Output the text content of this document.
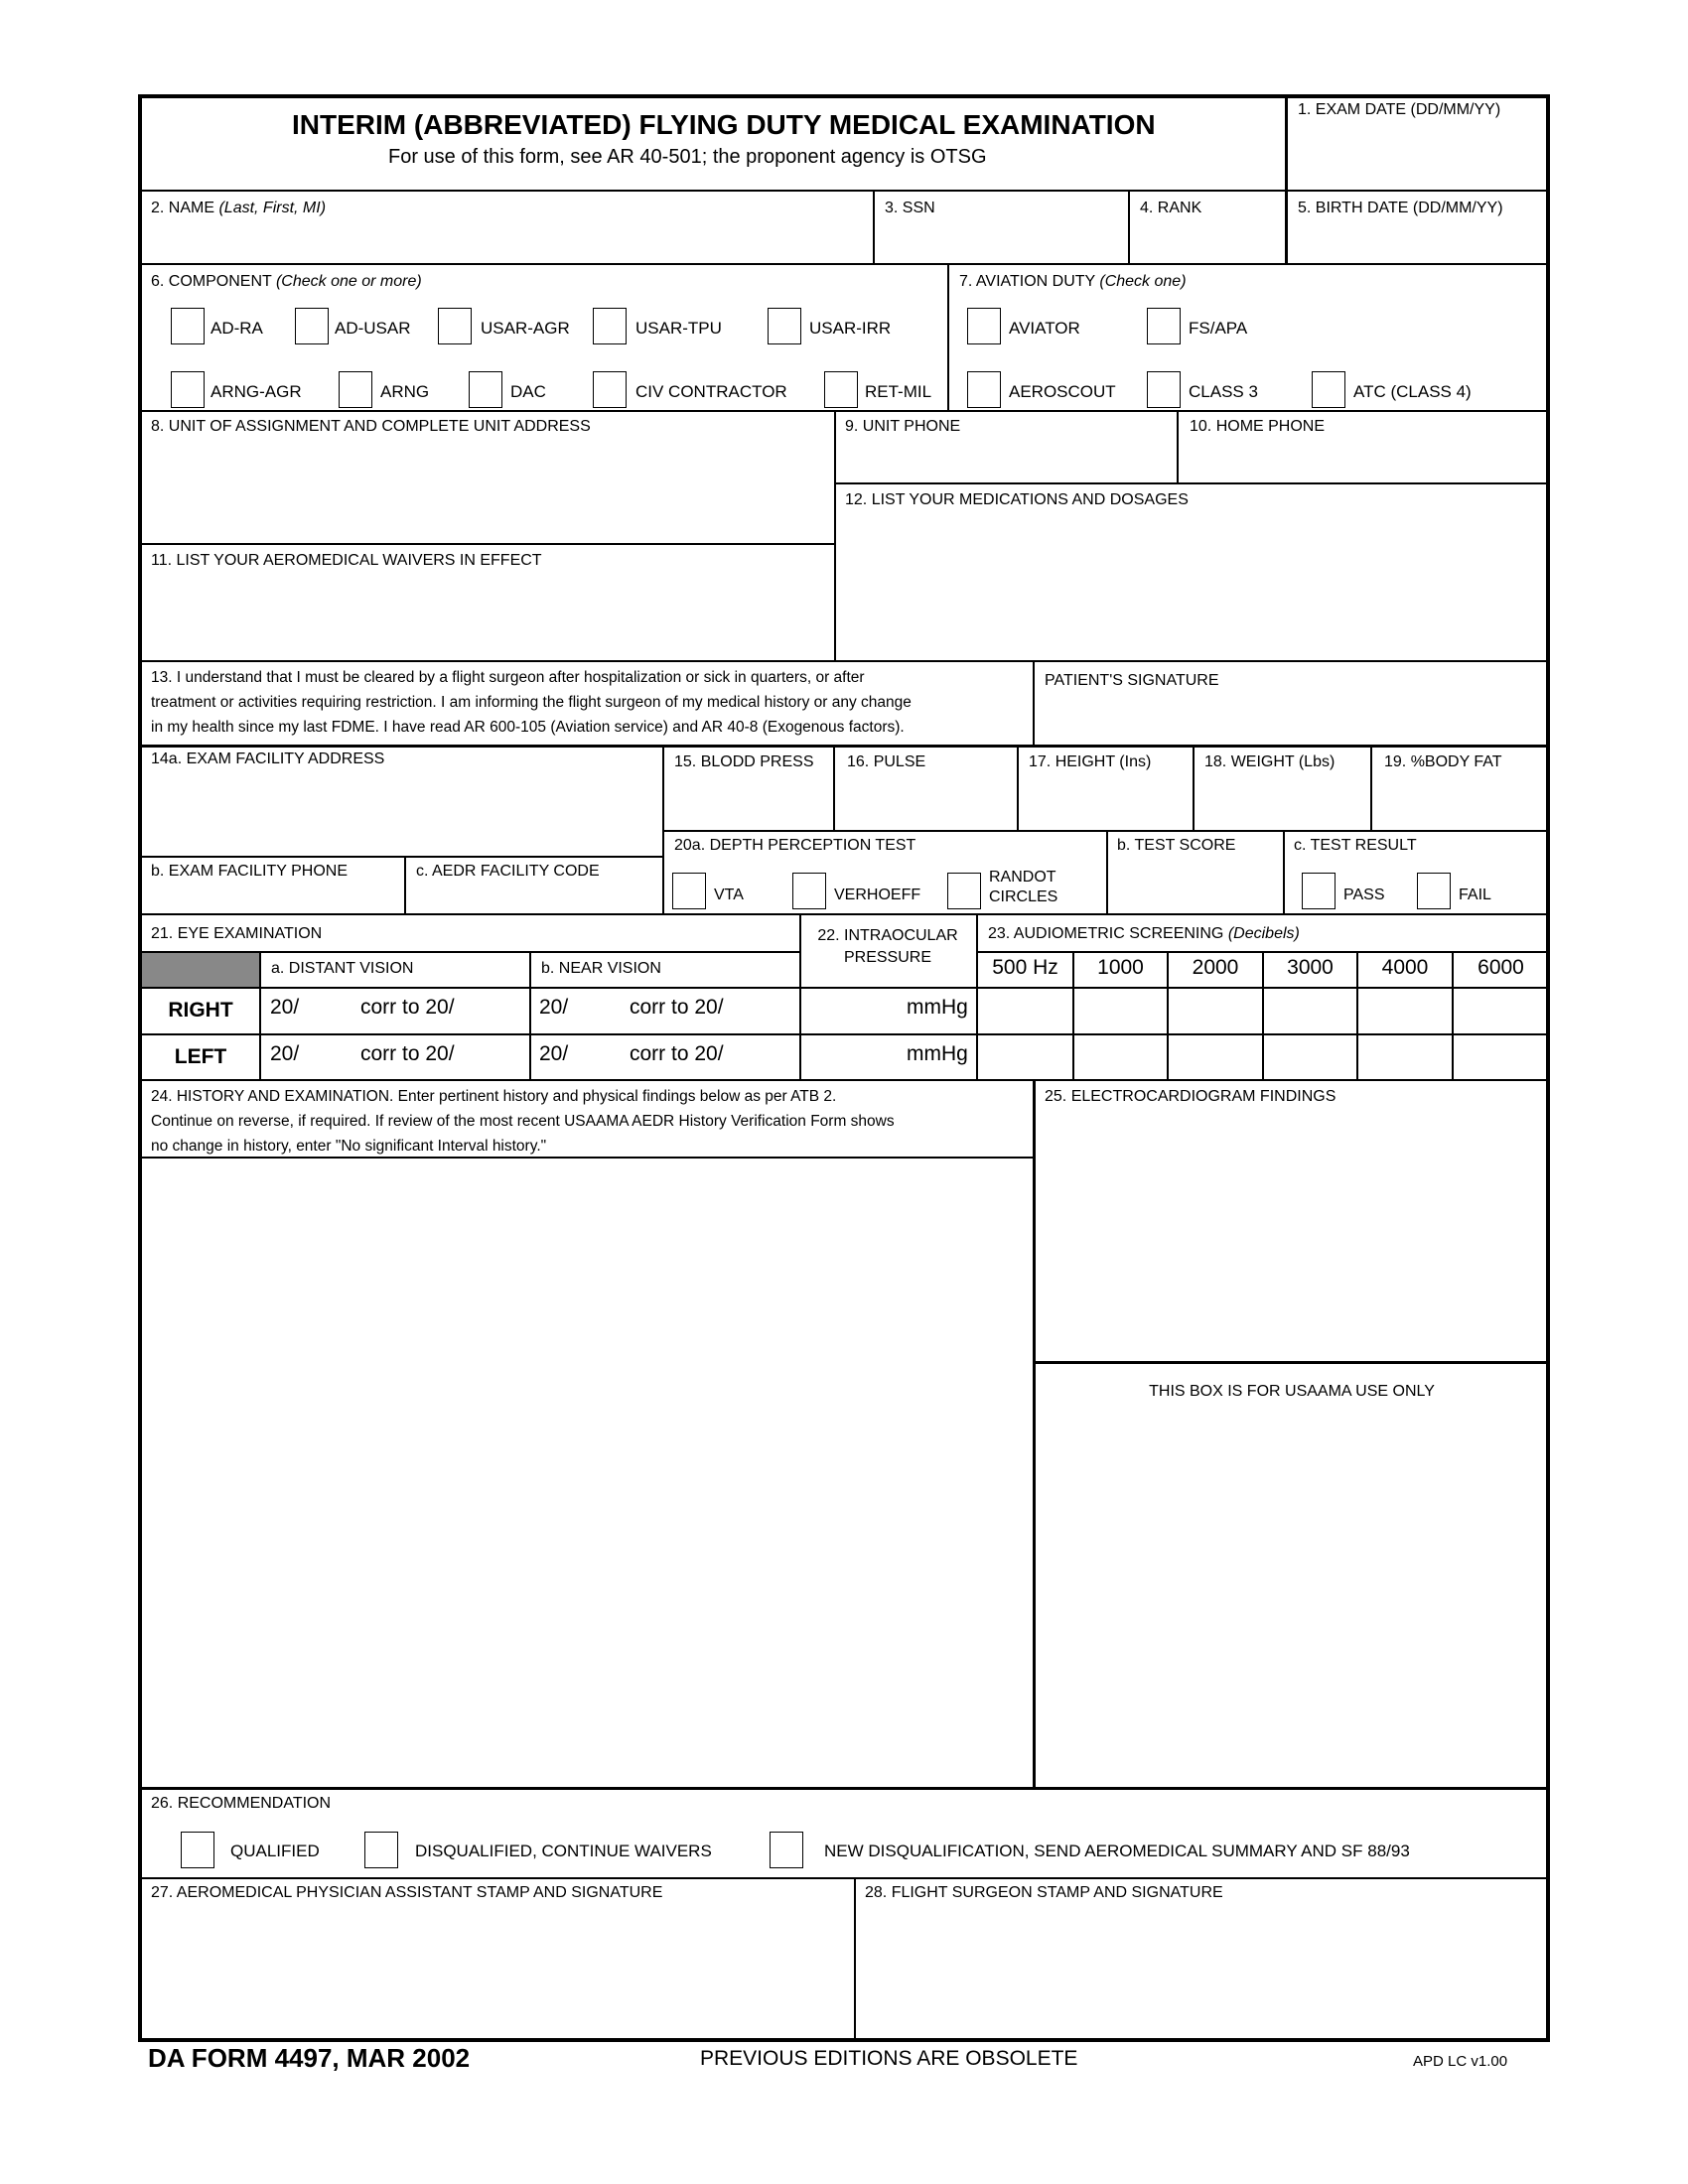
INTERIM (ABBREVIATED) FLYING DUTY MEDICAL EXAMINATION
For use of this form, see AR 40-501; the proponent agency is OTSG
1. EXAM DATE (DD/MM/YY)
2. NAME (Last, First, MI)	3. SSN	4. RANK	5. BIRTH DATE (DD/MM/YY)
6. COMPONENT (Check one or more)
AD-RA	AD-USAR	USAR-AGR	USAR-TPU	USAR-IRR
ARNG-AGR	ARNG	DAC	CIV CONTRACTOR	RET-MIL
7. AVIATION DUTY (Check one)
AVIATOR	FS/APA
AEROSCOUT	CLASS 3	ATC (CLASS 4)
8. UNIT OF ASSIGNMENT AND COMPLETE UNIT ADDRESS	9. UNIT PHONE	10. HOME PHONE
12. LIST YOUR MEDICATIONS AND DOSAGES
11. LIST YOUR AEROMEDICAL WAIVERS IN EFFECT
13. I understand that I must be cleared by a flight surgeon after hospitalization or sick in quarters, or after
treatment or activities requiring restriction. I am informing the flight surgeon of my medical history or any change
in my health since my last FDME. I have read AR 600-105 (Aviation service) and AR 40-8 (Exogenous factors).
PATIENT'S SIGNATURE
14a. EXAM FACILITY ADDRESS	15. BLODD PRESS 16. PULSE	17. HEIGHT (Ins)	18. WEIGHT (Lbs)	19. %BODY FAT
b. EXAM FACILITY PHONE	c. AEDR FACILITY CODE
20a. DEPTH PERCEPTION TEST
VTA	VERHOEFF
RANDOT
CIRCLES
b. TEST SCORE	c. TEST RESULT
PASS	FAIL
21. EYE EXAMINATION
a. DISTANT VISION	b. NEAR VISION
22. INTRAOCULAR
PRESSURE
23. AUDIOMETRIC SCREENING (Decibels)
500 Hz	1000	2000	3000	4000	6000
RIGHT	20/	corr to 20/	20/	corr to 20/	mmHg
LEFT	20/	corr to 20/	20/	corr to 20/	mmHg
24. HISTORY AND EXAMINATION. Enter pertinent history and physical findings below as per ATB 2.
Continue on reverse, if required. If review of the most recent USAAMA AEDR History Verification Form shows
no change in history, enter "No significant Interval history."
25. ELECTROCARDIOGRAM FINDINGS
THIS BOX IS FOR USAAMA USE ONLY
26. RECOMMENDATION
QUALIFIED	DISQUALIFIED, CONTINUE WAIVERS	NEW DISQUALIFICATION, SEND AEROMEDICAL SUMMARY AND SF 88/93
27. AEROMEDICAL PHYSICIAN ASSISTANT STAMP AND SIGNATURE	28. FLIGHT SURGEON STAMP AND SIGNATURE
DA FORM 4497, MAR 2002	PREVIOUS EDITIONS ARE OBSOLETE	APD LC v1.00
